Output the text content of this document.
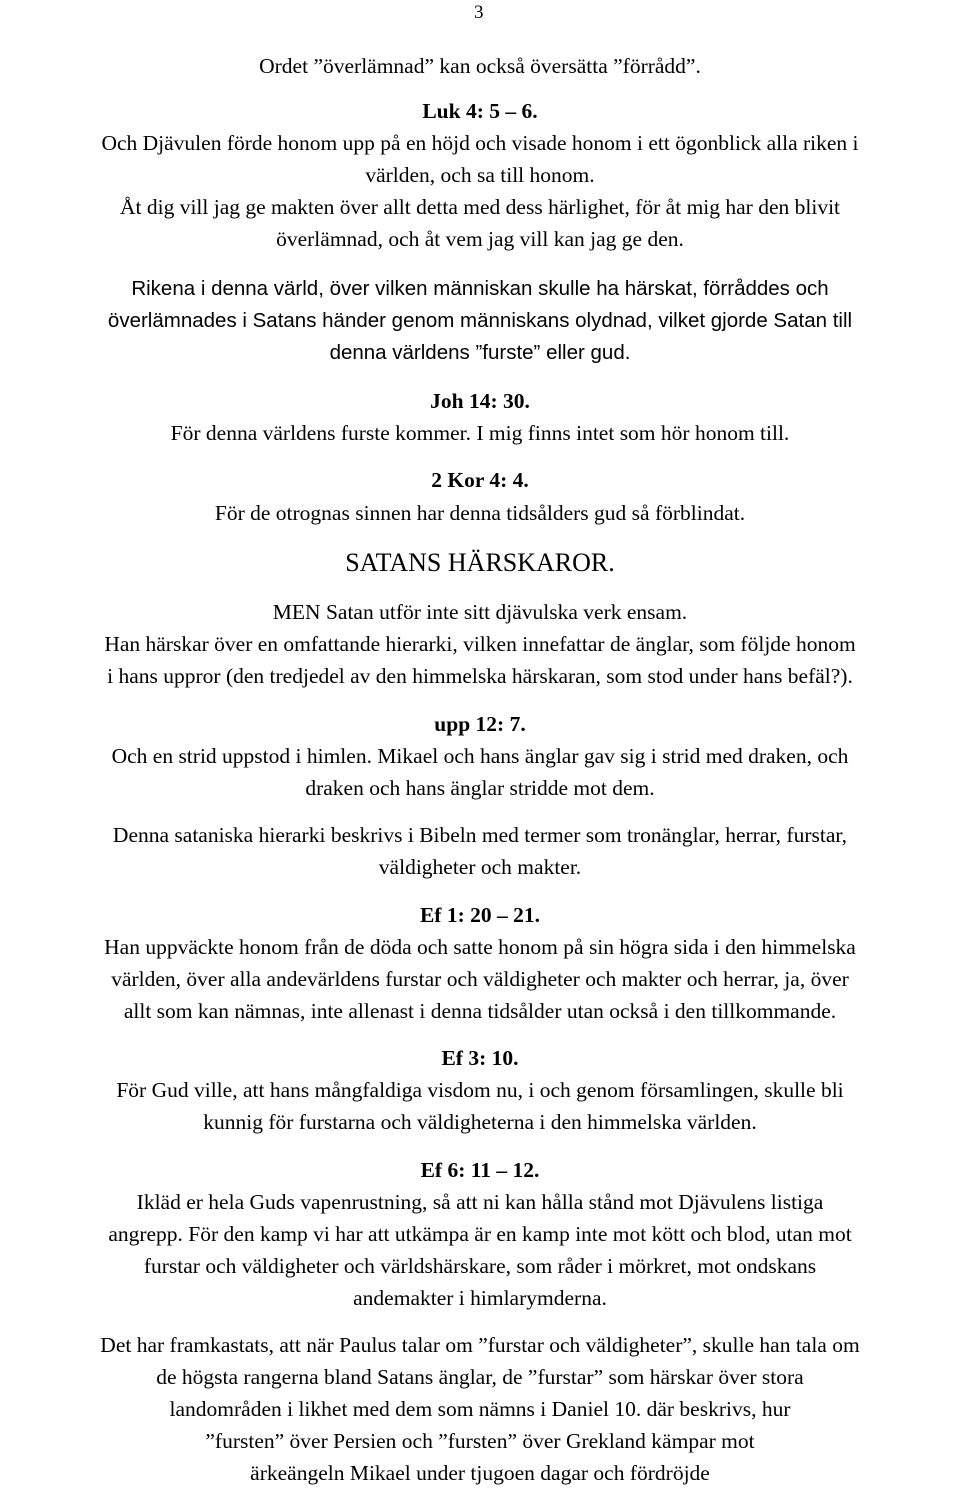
3

Ordet ”överlämnad” kan också översätta ”förrådd”.

Luk 4: 5 – 6.

Och Djävulen förde honom upp på en höjd och visade honom i ett ögonblick alla riken i

världen, och sa till honom.

Åt dig vill jag ge makten över allt detta med dess härlighet, för åt mig har den blivit

överlämnad, och åt vem jag vill kan jag ge den.

Rikena i denna värld, över vilken människan skulle ha härskat, förråddes och

överlämnades i Satans händer genom människans olydnad, vilket gjorde Satan till

denna världens ”furste” eller gud.

Joh 14: 30.

För denna världens furste kommer. I mig finns intet som hör honom till.

2 Kor 4: 4.

För de otrognas sinnen har denna tidsålders gud så förblindat.

SATANS HÄRSKAROR.

MEN Satan utför inte sitt djävulska verk ensam.

Han härskar över en omfattande hierarki, vilken innefattar de änglar, som följde honom

i hans uppror (den tredjedel av den himmelska härskaran, som stod under hans befäl?).

upp 12: 7.

Och en strid uppstod i himlen. Mikael och hans änglar gav sig i strid med draken, och

draken och hans änglar stridde mot dem.

Denna sataniska hierarki beskrivs i Bibeln med termer som tronänglar, herrar, furstar,

väldigheter och makter.

Ef 1: 20 – 21.

Han uppväckte honom från de döda och satte honom på sin högra sida i den himmelska

världen, över alla andevärldens furstar och väldigheter och makter och herrar, ja, över

allt som kan nämnas, inte allenast i denna tidsålder utan också i den tillkommande.

Ef 3: 10.

För Gud ville, att hans mångfaldiga visdom nu, i och genom församlingen, skulle bli

kunnig för furstarna och väldigheterna i den himmelska världen.

Ef 6: 11 – 12.

Ikläd er hela Guds vapenrustning, så att ni kan hålla stånd mot Djävulens listiga

angrepp. För den kamp vi har att utkämpa är en kamp inte mot kött och blod, utan mot

furstar och väldigheter och världshärskare, som råder i mörkret, mot ondskans

andemakter i himlarymderna.

Det har framkastats, att när Paulus talar om ”furstar och väldigheter”, skulle han tala om

de högsta rangerna bland Satans änglar, de ”furstar” som härskar över stora

landområden i likhet med dem som nämns i Daniel 10. där beskrivs, hur

”fursten” över Persien och ”fursten” över Grekland kämpar mot

ärkeängeln Mikael under tjugoen dagar och fördröjde
